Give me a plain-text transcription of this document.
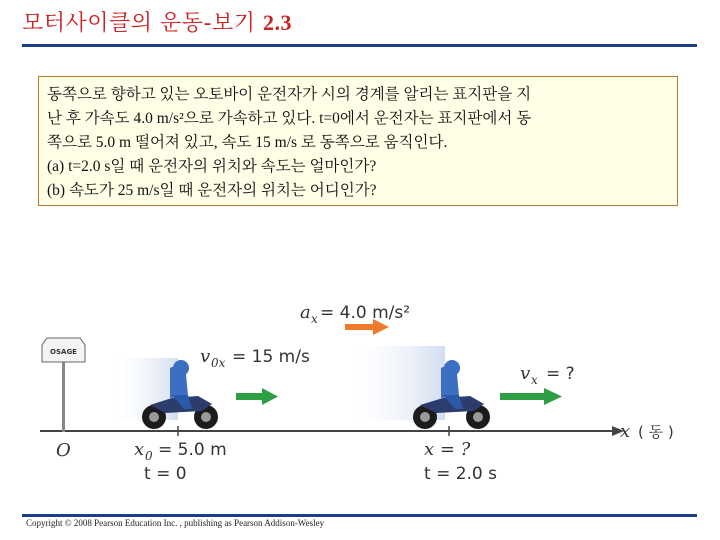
모터사이클의 운동-보기 2.3
동쪽으로 향하고 있는 오토바이 운전자가 시의 경계를 알리는 표지판을 지
난 후 가속도 4.0 m/s²으로 가속하고 있다. t=0에서 운전자는 표지판에서 동
쪽으로 5.0 m 떨어져 있고, 속도 15 m/s 로 동쪽으로 움직인다.
(a) t=2.0 s일 때 운전자의 위치와 속도는 얼마인가?
(b) 속도가 25 m/s일 때 운전자의 위치는 어디인가?
x ( 동 )
OSAGE
a x = 4.0 m/s²
v 0x = 15 m/s
v x = ?
O	x 0 = 5.0 m
t = 0
x = ?
t = 2.0 s
Copyright © 2008 Pearson Education Inc. , publishing as Pearson Addison-Wesley
